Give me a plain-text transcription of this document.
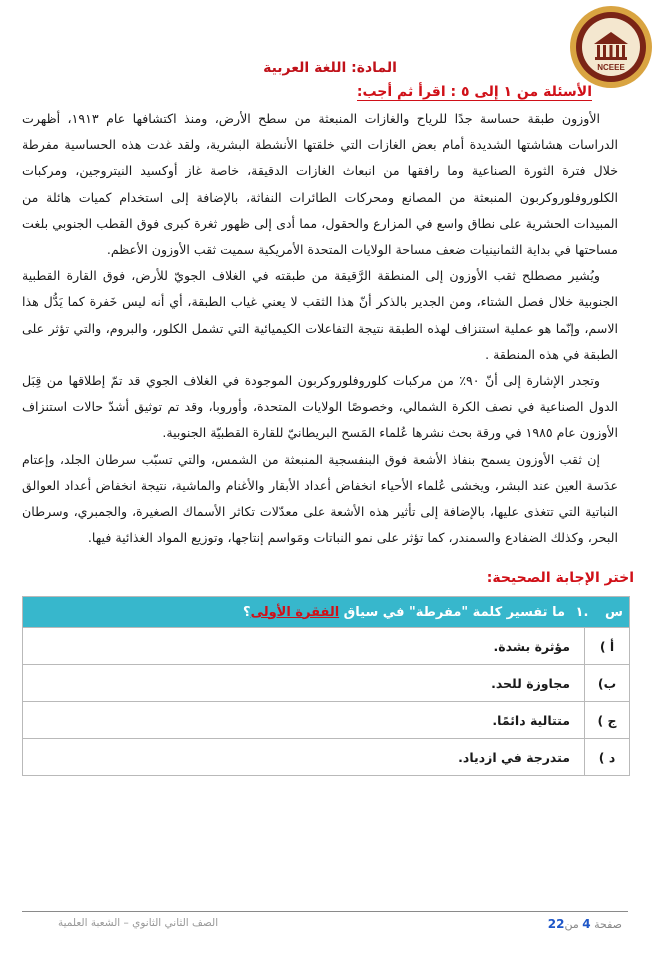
NCEEE
المادة: اللغة العربية
الأسئلة من ١ إلى ٥ : اقرأ ثم أجب:

الأوزون طبقة حساسة جدًا للرياح والغازات المنبعثة من سطح الأرض، ومنذ اكتشافها عام ١٩١٣، أظهرت الدراسات هشاشتها الشديدة أمام بعض الغازات التي خلقتها الأنشطة البشرية، ولقد غدت هذه الحساسية مفرطة خلال فترة الثورة الصناعية وما رافقها من انبعاث الغازات الدقيقة، خاصة غاز أوكسيد النيتروجين، ومركبات الكلوروفلوروكربون المنبعثة من المصانع ومحركات الطائرات النفاثة، بالإضافة إلى استخدام كميات هائلة من المبيدات الحشرية على نطاق واسع في المزارع والحقول، مما أدى إلى ظهور ثغرة كبرى فوق القطب الجنوبي بلغت مساحتها في بداية الثمانينيات ضعف مساحة الولايات المتحدة الأمريكية سميت ثقب الأوزون الأعظم.

ويُشير مصطلح ثقب الأوزون إلى المنطقة الرَّقيقة من طبقته في الغلاف الجويّ للأرض، فوق القارة القطبية الجنوبية خلال فصل الشتاء، ومن الجدير بالذكر أنّ هذا الثقب لا يعني غياب الطبقة، أي أنه ليس خَفرة كما يَدُّل هذا الاسم، وإنّما هو عملية استنزاف لهذه الطبقة نتيجة التفاعلات الكيميائية التي تشمل الكلور، والبروم، والتي تؤثر على الطبقة في هذه المنطقة .

وتجدر الإشارة إلى أنّ ٩٠٪ من مركبات كلوروفلوروكربون الموجودة في الغلاف الجوي قد تمّ إطلاقها من قِبَل الدول الصناعية في نصف الكرة الشمالي، وخصوصًا الولايات المتحدة، وأوروبا، وقد تم توثيق أشدّ حالات استنزاف الأوزون عام ١٩٨٥ في ورقة بحث نشرها عُلماء المَسح البريطانيّ للقارة القطبيّة الجنوبية.

إن ثقب الأوزون يسمح بنفاذ الأشعة فوق البنفسجية المنبعثة من الشمس، والتي تسبّب سرطان الجلد، وإعتام عدَسة العين عند البشر، ويخشى عُلماء الأحياء انخفاض أعداد الأبقار والأغنام والماشية، نتيجة انخفاض أعداد العوالق النباتية التي تتغذى عليها، بالإضافة إلى تأثير هذه الأشعة على معدّلات تكاثر الأسماك الصغيرة، والجمبري، وسرطان البحر، وكذلك الضفادع والسمندر، كما تؤثر على نمو النباتات ومَواسم إنتاجها، وتوزيع المواد الغذائية فيها.

اختر الإجابة الصحيحة:
س
.١
ما تفسير كلمة "مفرطة" في سياق الفقرة الأولى؟
أ )
مؤثرة بشدة.
ب)
مجاوزة للحد.
ج )
متتالية دائمًا.
د )
متدرجة في ازدياد.
صفحة 4 من22
الصف الثاني الثانوي – الشعبة العلمية
